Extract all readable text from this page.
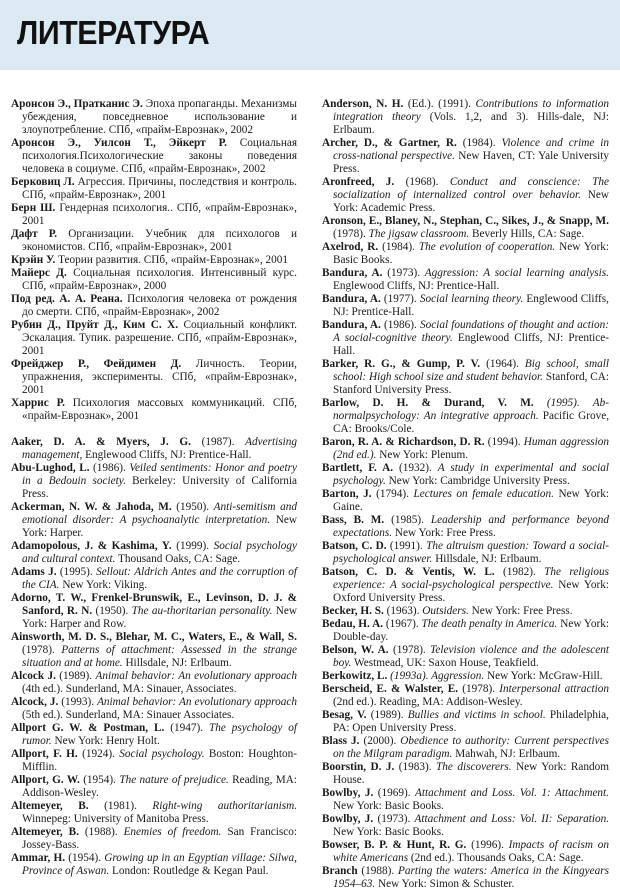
ЛИТЕРАТУРА

Аронсон Э., Пратканис Э. Эпоха пропаганды. Механизмы убеждения, повседневное использование и злоупотребление. СПб, «прайм-Еврознак», 2002

Аронсон Э., Уилсон Т., Эйкерт Р. Социальная психология.Психологические законы поведения человека в социуме. СПб, «прайм-Еврознак», 2002

Берковиц Л. Агрессия. Причины, последствия и контроль. СПб, «прайм-Еврознак», 2001

Берн Ш. Гендерная психология.. СПб, «прайм-Еврознак», 2001

Дафт Р. Организации. Учебник для психологов и экономистов. СПб, «прайм-Еврознак», 2001

Крэйн У. Теории развития. СПб, «прайм-Еврознак», 2001

Майерс Д. Социальная психология. Интенсивный курс. СПб, «прайм-Еврознак», 2000

Под ред. А. А. Реана. Психология человека от рождения до смерти. СПб, «прайм-Еврознак», 2002

Рубин Д., Пруйт Д., Ким С. Х. Социальный конфликт. Эскалация. Тупик. разрешение. СПб, «прайм-Еврознак», 2001

Фрейджер Р., Фейдимен Д. Личность. Теории, упражнения, эксперименты. СПб, «прайм-Еврознак», 2001

Харрис Р. Психология массовых коммуникаций. СПб, «прайм-Еврознак», 2001

Aaker, D. A. & Myers, J. G. (1987). Advertising management, Englewood Cliffs, NJ: Prentice-Hall.

Abu-Lughod, L. (1986). Veiled sentiments: Honor and poetry in a Bedouin society. Berkeley: University of California Press.

Ackerman, N. W. & Jahoda, M. (1950). Anti-semitism and emotional disorder: A psychoanalytic interpretation. New York: Harper.

Adamopolous, J. & Kashima, Y. (1999). Social psychology and cultural context. Thousand Oaks, CA: Sage.

Adams J. (1995). Sellout: Aldrich Antes and the corruption of the CIA. New York: Viking.

Adorno, T. W., Frenkel-Brunswik, E., Levinson, D. J. & Sanford, R. N. (1950). The au-thoritarian personality. New York: Harper and Row.

Ainsworth, M. D. S., Blehar, M. C., Waters, E., & Wall, S. (1978). Patterns of attachment: Assessed in the strange situation and at home. Hillsdale, NJ: Erlbaum.

Alcock J. (1989). Animal behavior: An evolutionary approach (4th ed.). Sunderland, MA: Sinauer, Associates.

Alcock, J. (1993). Animal behavior: An evolutionary approach (5th ed.). Sunderland, MA: Sinauer Associates.

Allport G. W. & Postman, L. (1947). The psychology of rumor. New York: Henry Holt.

Allport, F. H. (1924). Social psychology. Boston: Houghton-Mifflin.

Allport, G. W. (1954). The nature of prejudice. Reading, MA: Addison-Wesley.

Altemeyer, B. (1981). Right-wing authoritarianism. Winnepeg: University of Manitoba Press.

Altemeyer, B. (1988). Enemies of freedom. San Francisco: Jossey-Bass.

Ammar, H. (1954). Growing up in an Egyptian village: Silwa, Province of Aswan. London: Routledge & Kegan Paul.

Anderson, N. H. (Ed.). (1991). Contributions to information integration theory (Vols. 1,2, and 3). Hills-dale, NJ: Erlbaum.

Archer, D., & Gartner, R. (1984). Violence and crime in cross-national perspective. New Haven, CT: Yale University Press.

Aronfreed, J. (1968). Conduct and conscience: The socialization of internalized control over behavior. New York: Academic Press.

Aronson, E., Blaney, N., Stephan, C., Sikes, J., & Snapp, M. (1978). The jigsaw classroom. Beverly Hills, CA: Sage.

Axelrod, R. (1984). The evolution of cooperation. New York: Basic Books.

Bandura, A. (1973). Aggression: A social learning analysis. Englewood Cliffs, NJ: Prentice-Hall.

Bandura, A. (1977). Social learning theory. Englewood Cliffs, NJ: Prentice-Hall.

Bandura, A. (1986). Social foundations of thought and action: A social-cognitive theory. Englewood Cliffs, NJ: Prentice-Hall.

Barker, R. G., & Gump, P. V. (1964). Big school, small school: High school size and student behavior. Stanford, CA: Stanford University Press.

Barlow, D. H. & Durand, V. M. (1995). Ab-normalpsychology: An integrative approach. Pacific Grove, CA: Brooks/Cole.

Baron, R. A. & Richardson, D. R. (1994). Human aggression (2nd ed.). New York: Plenum.

Bartlett, F. A. (1932). A study in experimental and social psychology. New York: Cambridge University Press.

Barton, J. (1794). Lectures on female education. New York: Gaine.

Bass, B. M. (1985). Leadership and performance beyond expectations. New York: Free Press.

Batson, C. D. (1991). The altruism question: Toward a social-psychological answer. Hillsdale, NJ: Erlbaum.

Batson, C. D. & Ventis, W. L. (1982). The religious experience: A social-psychological perspective. New York: Oxford University Press.

Becker, H. S. (1963). Outsiders. New York: Free Press.

Bedau, H. A. (1967). The death penalty in America. New York: Double-day.

Belson, W. A. (1978). Television violence and the adolescent boy. Westmead, UK: Saxon House, Teakfield.

Berkowitz, L. (1993a). Aggression. New York: McGraw-Hill.

Berscheid, E. & Walster, E. (1978). Interpersonal attraction (2nd ed.). Reading, MA: Addison-Wesley.

Besag, V. (1989). Bullies and victims in school. Philadelphia, PA: Open University Press.

Blass J. (2000). Obedience to authority: Current perspectives on the Milgram paradigm. Mahwah, NJ: Erlbaum.

Boorstin, D. J. (1983). The discoverers. New York: Random House.

Bowlby, J. (1969). Attachment and Loss. Vol. 1: Attachment. New York: Basic Books.

Bowlby, J. (1973). Attachment and Loss: Vol. II: Separation. New York: Basic Books.

Bowser, B. P. & Hunt, R. G. (1996). Impacts of racism on white Americans (2nd ed.). Thousands Oaks, CA: Sage.

Branch (1988). Parting the waters: America in the Kingyears 1954–63. New York: Simon & Schuster.
